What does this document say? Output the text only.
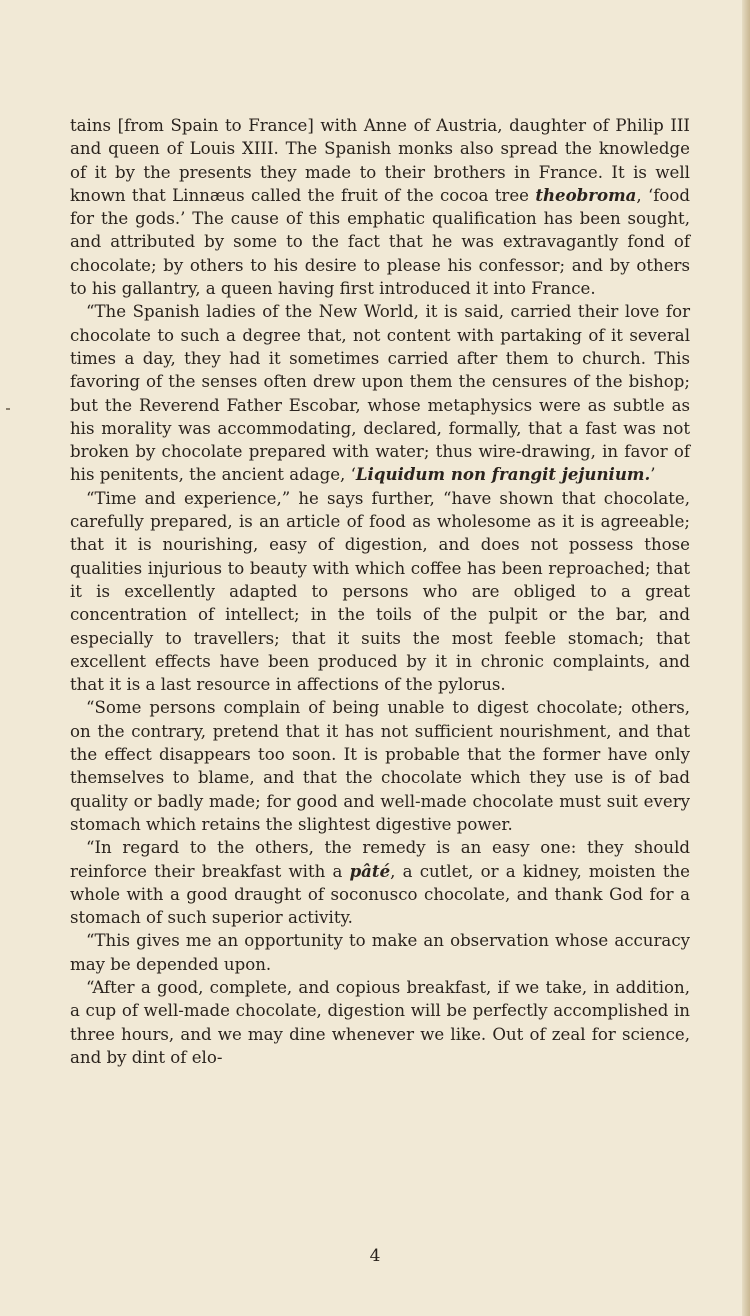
tains [from Spain to France] with Anne of Austria, daughter of Philip III and queen of Louis XIII. The Spanish monks also spread the knowledge of it by the presents they made to their brothers in France. It is well known that Linnæus called the fruit of the cocoa tree theobroma, ‘food for the gods.’ The cause of this emphatic qualification has been sought, and attributed by some to the fact that he was extravagantly fond of chocolate; by others to his desire to please his confessor; and by others to his gallantry, a queen having first introduced it into France.

“The Spanish ladies of the New World, it is said, carried their love for chocolate to such a degree that, not content with partaking of it several times a day, they had it sometimes carried after them to church. This favoring of the senses often drew upon them the censures of the bishop; but the Reverend Father Escobar, whose metaphysics were as subtle as his morality was accommodating, declared, formally, that a fast was not broken by chocolate prepared with water; thus wire-drawing, in favor of his penitents, the ancient adage, ‘Liquidum non frangit jejunium.’

“Time and experience,” he says further, “have shown that chocolate, carefully prepared, is an article of food as wholesome as it is agreeable; that it is nourishing, easy of digestion, and does not possess those qualities injurious to beauty with which coffee has been reproached; that it is excellently adapted to persons who are obliged to a great concentration of intellect; in the toils of the pulpit or the bar, and especially to travellers; that it suits the most feeble stomach; that excellent effects have been produced by it in chronic complaints, and that it is a last resource in affections of the pylorus.

“Some persons complain of being unable to digest chocolate; others, on the contrary, pretend that it has not sufficient nourishment, and that the effect disappears too soon. It is probable that the former have only themselves to blame, and that the chocolate which they use is of bad quality or badly made; for good and well-made chocolate must suit every stomach which retains the slightest digestive power.

“In regard to the others, the remedy is an easy one: they should reinforce their breakfast with a pâté, a cutlet, or a kidney, moisten the whole with a good draught of soconusco chocolate, and thank God for a stomach of such superior activity.

“This gives me an opportunity to make an observation whose accuracy may be depended upon.

“After a good, complete, and copious breakfast, if we take, in addition, a cup of well-made chocolate, digestion will be perfectly accomplished in three hours, and we may dine whenever we like. Out of zeal for science, and by dint of elo-

4
